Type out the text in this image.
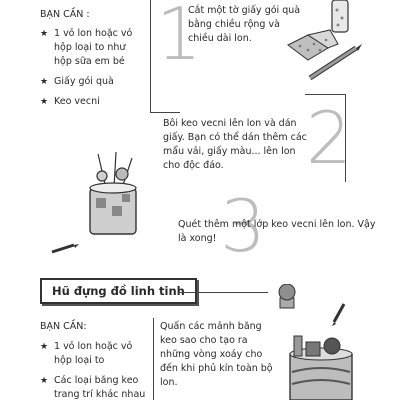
BẠN CẦN :
★ 1 vỏ lon hoặc vỏ hộp loại to như hộp sữa em bé
★ Giấy gói quà
★ Keo vecni
1
Cắt một tờ giấy gói quà bằng chiều rộng và chiều dài lon.
Bôi keo vecni lên lon và dán giấy. Bạn có thể dán thêm các mẩu vải, giấy màu... lên lon cho độc đáo.	2
3
Quét thêm một lớp keo vecni lên lon. Vậy là xong!
Hũ đựng đồ linh tinh
BẠN CẦN:
★ 1 vỏ lon hoặc vỏ hộp loại to
★ Các loại băng keo trang trí khác nhau
Quấn các mảnh băng keo sao cho tạo ra những vòng xoáy cho đến khi phủ kín toàn bộ lon.
